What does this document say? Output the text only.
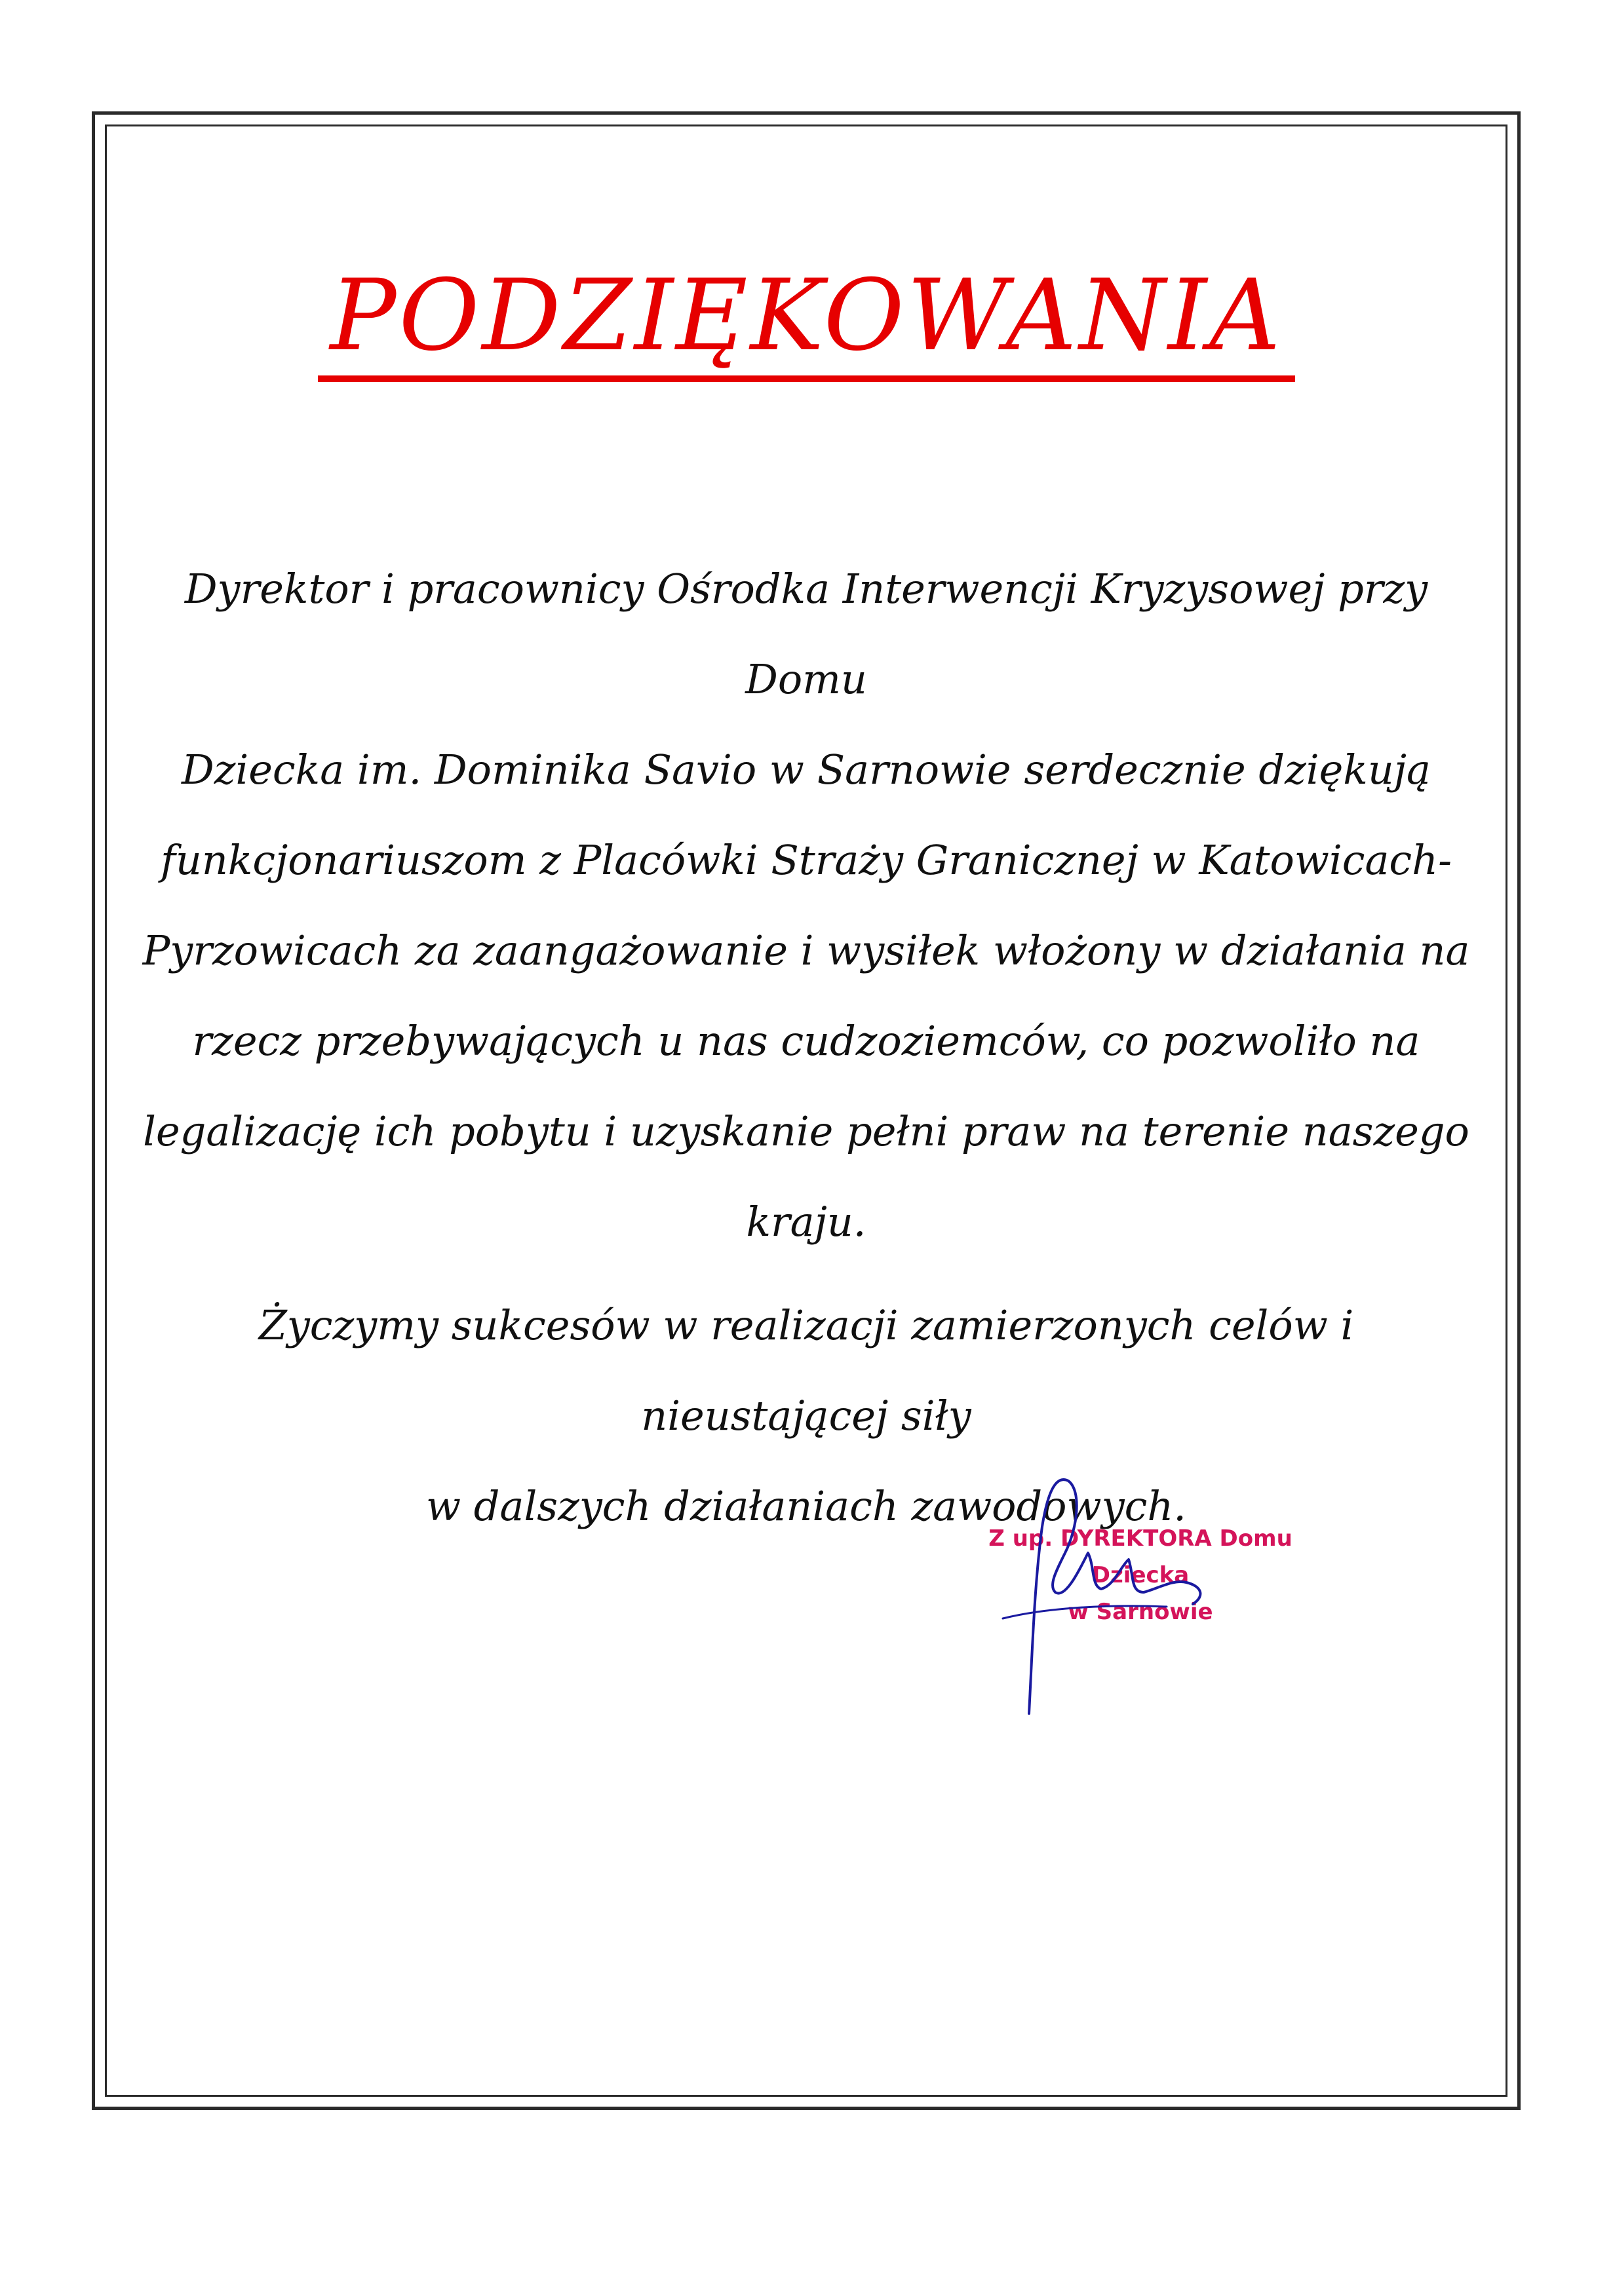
PODZIĘKOWANIA

Dyrektor i pracownicy Ośrodka Interwencji Kryzysowej przy Domu

Dziecka im. Dominika Savio w Sarnowie serdecznie dziękują

funkcjonariuszom z Placówki Straży Granicznej w Katowicach-

Pyrzowicach za zaangażowanie i wysiłek włożony w działania na

rzecz przebywających u nas cudzoziemców, co pozwoliło na

legalizację ich pobytu i uzyskanie pełni praw na terenie naszego

kraju.

Życzymy sukcesów w realizacji zamierzonych celów i nieustającej siły

w dalszych działaniach zawodowych.

Z up. DYREKTORA Domu Dziecka
w Sarnowie
